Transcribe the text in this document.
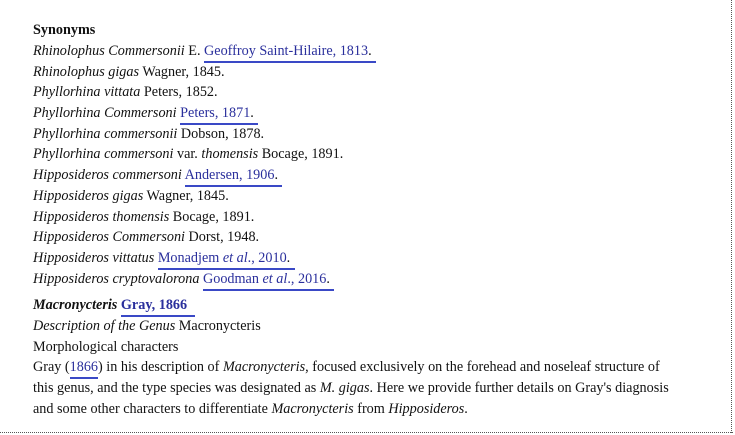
Synonyms
Rhinolophus Commersonii E. Geoffroy Saint-Hilaire, 1813.
Rhinolophus gigas Wagner, 1845.
Phyllorhina vittata Peters, 1852.
Phyllorhina Commersoni Peters, 1871.
Phyllorhina commersonii Dobson, 1878.
Phyllorhina commersoni var. thomensis Bocage, 1891.
Hipposideros commersoni Andersen, 1906.
Hipposideros gigas Wagner, 1845.
Hipposideros thomensis Bocage, 1891.
Hipposideros Commersoni Dorst, 1948.
Hipposideros vittatus Monadjem et al., 2010.
Hipposideros cryptovalorona Goodman et al., 2016.
Macronycteris Gray, 1866
Description of the Genus Macronycteris
Morphological characters
Gray (1866) in his description of Macronycteris, focused exclusively on the forehead and noseleaf structure of
this genus, and the type species was designated as M. gigas. Here we provide further details on Gray's diagnosis
and some other characters to differentiate Macronycteris from Hipposideros.
